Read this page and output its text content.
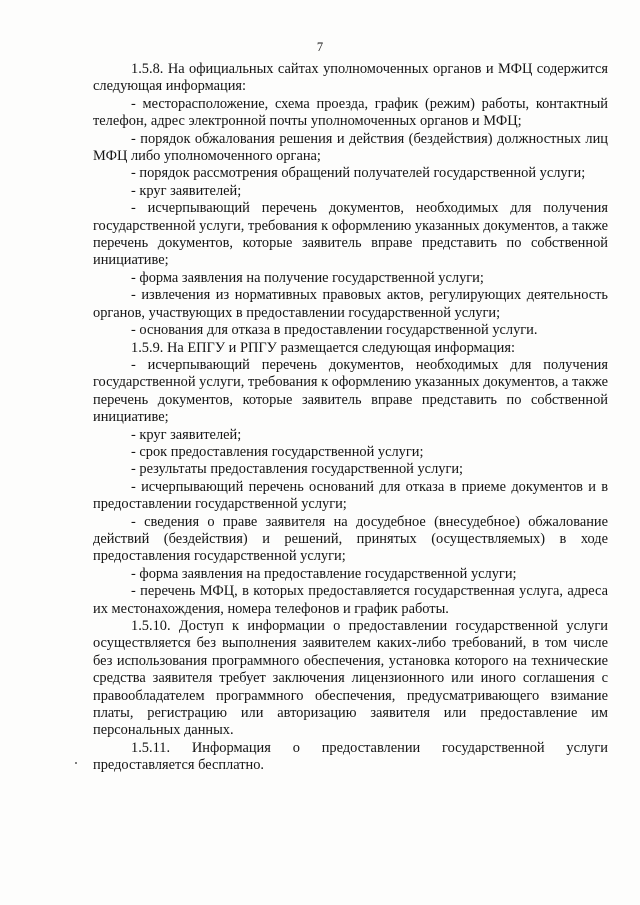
7

1.5.8. На официальных сайтах уполномоченных органов и МФЦ содержится следующая информация:

- месторасположение, схема проезда, график (режим) работы, контактный телефон, адрес электронной почты уполномоченных органов и МФЦ;

- порядок обжалования решения и действия (бездействия) должностных лиц МФЦ либо уполномоченного органа;

- порядок рассмотрения обращений получателей государственной услуги;

- круг заявителей;

- исчерпывающий перечень документов, необходимых для получения государственной услуги, требования к оформлению указанных документов, а также перечень документов, которые заявитель вправе представить по собственной инициативе;

- форма заявления на получение государственной услуги;

- извлечения из нормативных правовых актов, регулирующих деятельность органов, участвующих в предоставлении государственной услуги;

- основания для отказа в предоставлении государственной услуги.

1.5.9. На ЕПГУ и РПГУ размещается следующая информация:

- исчерпывающий перечень документов, необходимых для получения государственной услуги, требования к оформлению указанных документов, а также перечень документов, которые заявитель вправе представить по собственной инициативе;

- круг заявителей;

- срок предоставления государственной услуги;

- результаты предоставления государственной услуги;

- исчерпывающий перечень оснований для отказа в приеме документов и в предоставлении государственной услуги;

- сведения о праве заявителя на досудебное (внесудебное) обжалование действий (бездействия) и решений, принятых (осуществляемых) в ходе предоставления государственной услуги;

- форма заявления на предоставление государственной услуги;

- перечень МФЦ, в которых предоставляется государственная услуга, адреса их местонахождения, номера телефонов и график работы.

1.5.10. Доступ к информации о предоставлении государственной услуги осуществляется без выполнения заявителем каких-либо требований, в том числе без использования программного обеспечения, установка которого на технические средства заявителя требует заключения лицензионного или иного соглашения с правообладателем программного обеспечения, предусматривающего взимание платы, регистрацию или авторизацию заявителя или предоставление им персональных данных.

1.5.11. Информация о предоставлении государственной услуги предоставляется бесплатно.
